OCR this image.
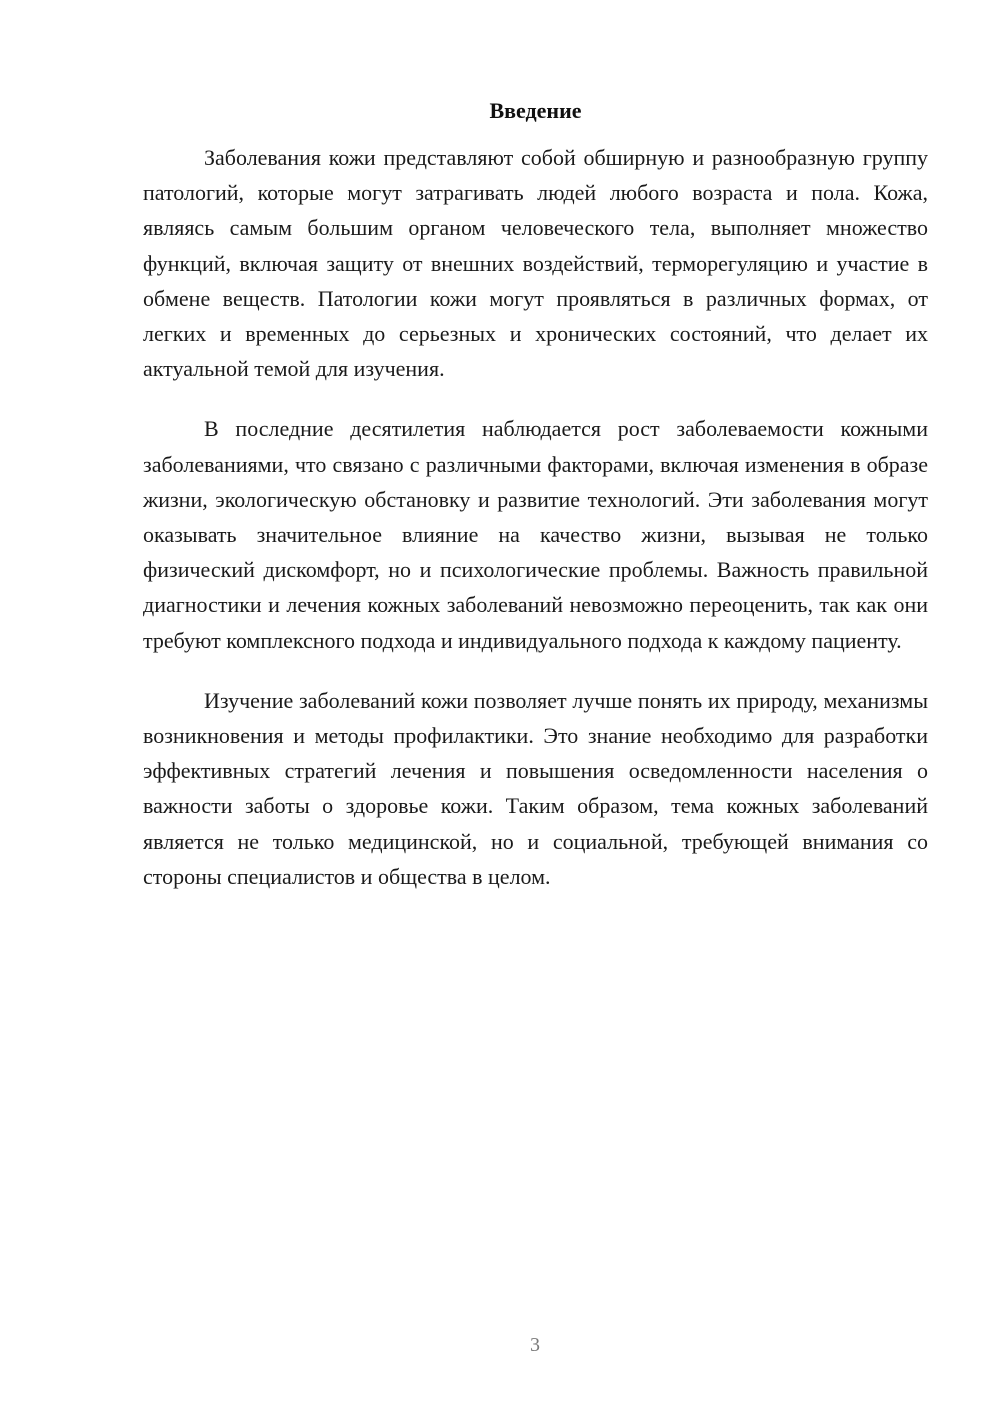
Введение

Заболевания кожи представляют собой обширную и разнообразную группу патологий, которые могут затрагивать людей любого возраста и пола. Кожа, являясь самым большим органом человеческого тела, выполняет множество функций, включая защиту от внешних воздействий, терморегуляцию и участие в обмене веществ. Патологии кожи могут проявляться в различных формах, от легких и временных до серьезных и хронических состояний, что делает их актуальной темой для изучения.

В последние десятилетия наблюдается рост заболеваемости кожными заболеваниями, что связано с различными факторами, включая изменения в образе жизни, экологическую обстановку и развитие технологий. Эти заболевания могут оказывать значительное влияние на качество жизни, вызывая не только физический дискомфорт, но и психологические проблемы. Важность правильной диагностики и лечения кожных заболеваний невозможно переоценить, так как они требуют комплексного подхода и индивидуального подхода к каждому пациенту.

Изучение заболеваний кожи позволяет лучше понять их природу, механизмы возникновения и методы профилактики. Это знание необходимо для разработки эффективных стратегий лечения и повышения осведомленности населения о важности заботы о здоровье кожи. Таким образом, тема кожных заболеваний является не только медицинской, но и социальной, требующей внимания со стороны специалистов и общества в целом.

3
